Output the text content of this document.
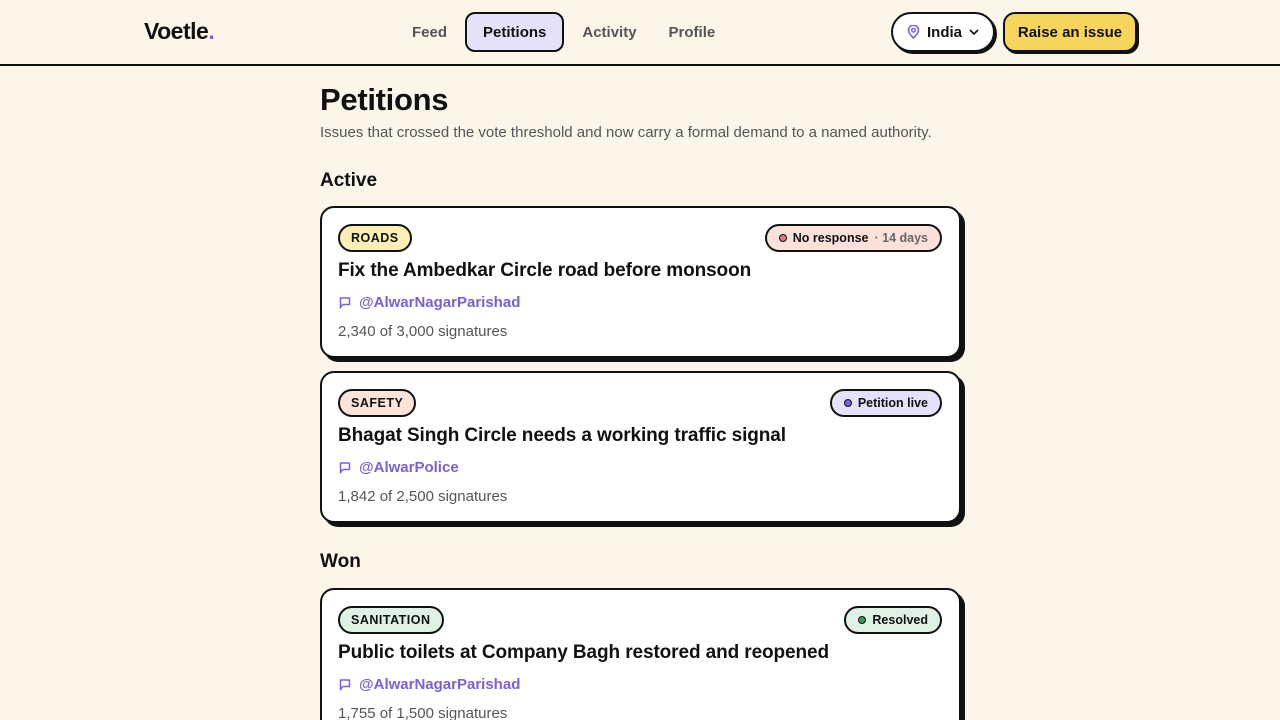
Voetle.	Feed	Petitions	Activity	Profile	India	Raise an issue
Petitions

Issues that crossed the vote threshold and now carry a formal demand to a named authority.

Active
ROADS	No response · 14 days
Fix the Ambedkar Circle road before monsoon
@AlwarNagarParishad
2,340 of 3,000 signatures
SAFETY	Petition live
Bhagat Singh Circle needs a working traffic signal
@AlwarPolice
1,842 of 2,500 signatures
Won
SANITATION	Resolved
Public toilets at Company Bagh restored and reopened
@AlwarNagarParishad
1,755 of 1,500 signatures
